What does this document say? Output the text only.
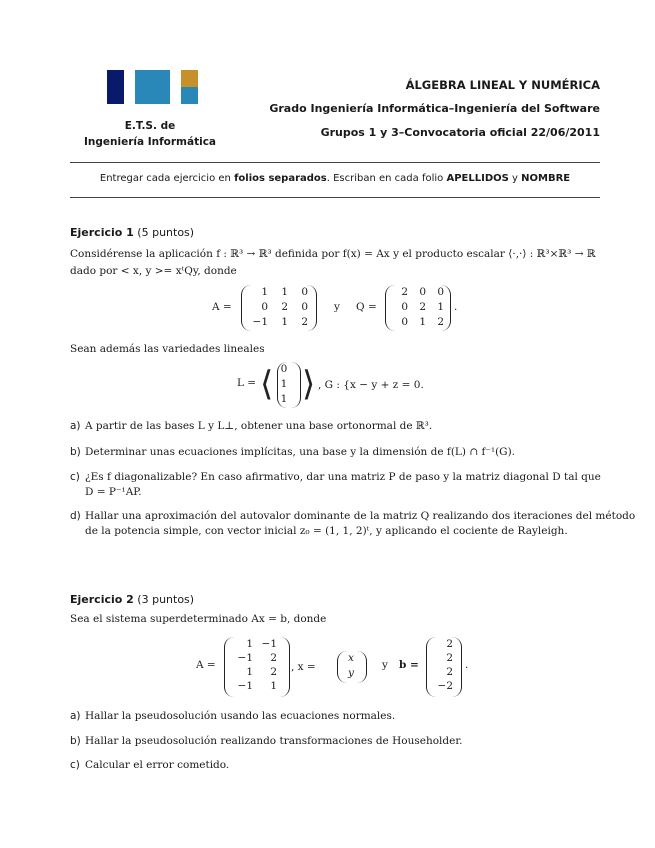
E.T.S. de
Ingeniería Informática
ÁLGEBRA LINEAL Y NUMÉRICA
Grado Ingeniería Informática–Ingeniería del Software
Grupos 1 y 3–Convocatoria oficial 22/06/2011
Entregar cada ejercicio en folios separados. Escriban en cada folio APELLIDOS y NOMBRE
Ejercicio 1 (5 puntos)
Considérense la aplicación f : ℝ³ → ℝ³ definida por f(x) = Ax y el producto escalar ⟨·,·⟩ : ℝ³×ℝ³ → ℝ
dado por < x, y >= xᵗQy, donde
A =
1	1	0
0	2	0
−1	1	2
y Q =
2	0	0
0	2	1
0	1	2
.
Sean además las variedades lineales
L = ⟨ 0
1
1 ⟩ , G : {x − y + z = 0.
a) A partir de las bases L y L⊥, obtener una base ortonormal de ℝ³.
b) Determinar unas ecuaciones implícitas, una base y la dimensión de f(L) ∩ f⁻¹(G).
c) ¿Es f diagonalizable? En caso afirmativo, dar una matriz P de paso y la matriz diagonal D tal que
D = P⁻¹AP.
d) Hallar una aproximación del autovalor dominante de la matriz Q realizando dos iteraciones del método
de la potencia simple, con vector inicial z₀ = (1, 1, 2)ᵗ, y aplicando el cociente de Rayleigh.
Ejercicio 2 (3 puntos)
Sea el sistema superdeterminado Ax = b, donde
A =
1 −1
−1	2
1	2
−1	1
, x =
x
y
y b =
2
2
2
−2
.
a) Hallar la pseudosolución usando las ecuaciones normales.
b) Hallar la pseudosolución realizando transformaciones de Householder.
c) Calcular el error cometido.
